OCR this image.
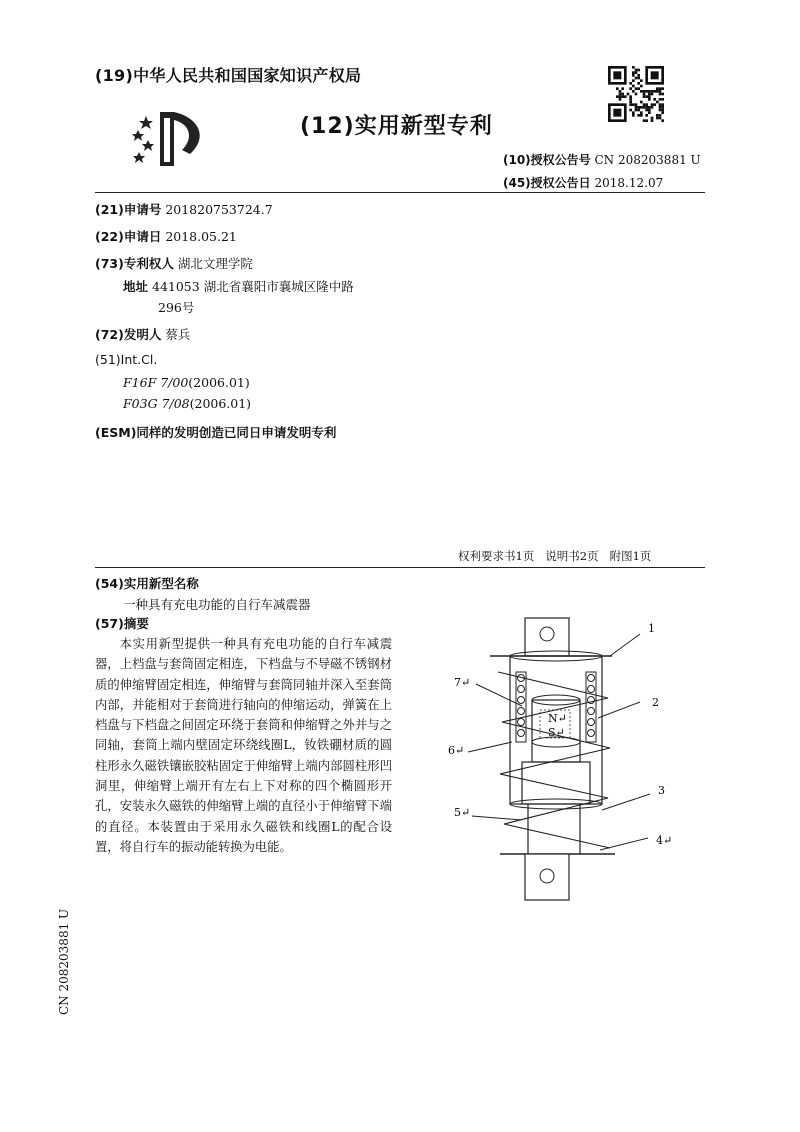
(19)中华人民共和国国家知识产权局
(12)实用新型专利
(10)授权公告号 CN 208203881 U
(45)授权公告日 2018.12.07
(21)申请号 201820753724.7
(22)申请日 2018.05.21
(73)专利权人 湖北文理学院
地址 441053 湖北省襄阳市襄城区隆中路
296号
(72)发明人 蔡兵
(51)Int.Cl.
F16F 7/00(2006.01)
F03G 7/08(2006.01)
(ESM)同样的发明创造已同日申请发明专利
权利要求书1页   说明书2页   附图1页
(54)实用新型名称
一种具有充电功能的自行车减震器
(57)摘要
本实用新型提供一种具有充电功能的自行车减震器，上档盘与套筒固定相连，下档盘与不导磁不锈钢材质的伸缩臂固定相连，伸缩臂与套筒同轴并深入至套筒内部，并能相对于套筒进行轴向的伸缩运动，弹簧在上档盘与下档盘之间固定环绕于套筒和伸缩臂之外并与之同轴，套筒上端内壁固定环绕线圈L，钕铁硼材质的圆柱形永久磁铁镶嵌胶粘固定于伸缩臂上端内部圆柱形凹洞里，伸缩臂上端开有左右上下对称的四个椭圆形开孔，安装永久磁铁的伸缩臂上端的直径小于伸缩臂下端的直径。本装置由于采用永久磁铁和线圈L的配合设置，将自行车的振动能转换为电能。
N↵
S↵
1
2
3
4↵
5↵
6↵
7↵
CN 208203881 U
